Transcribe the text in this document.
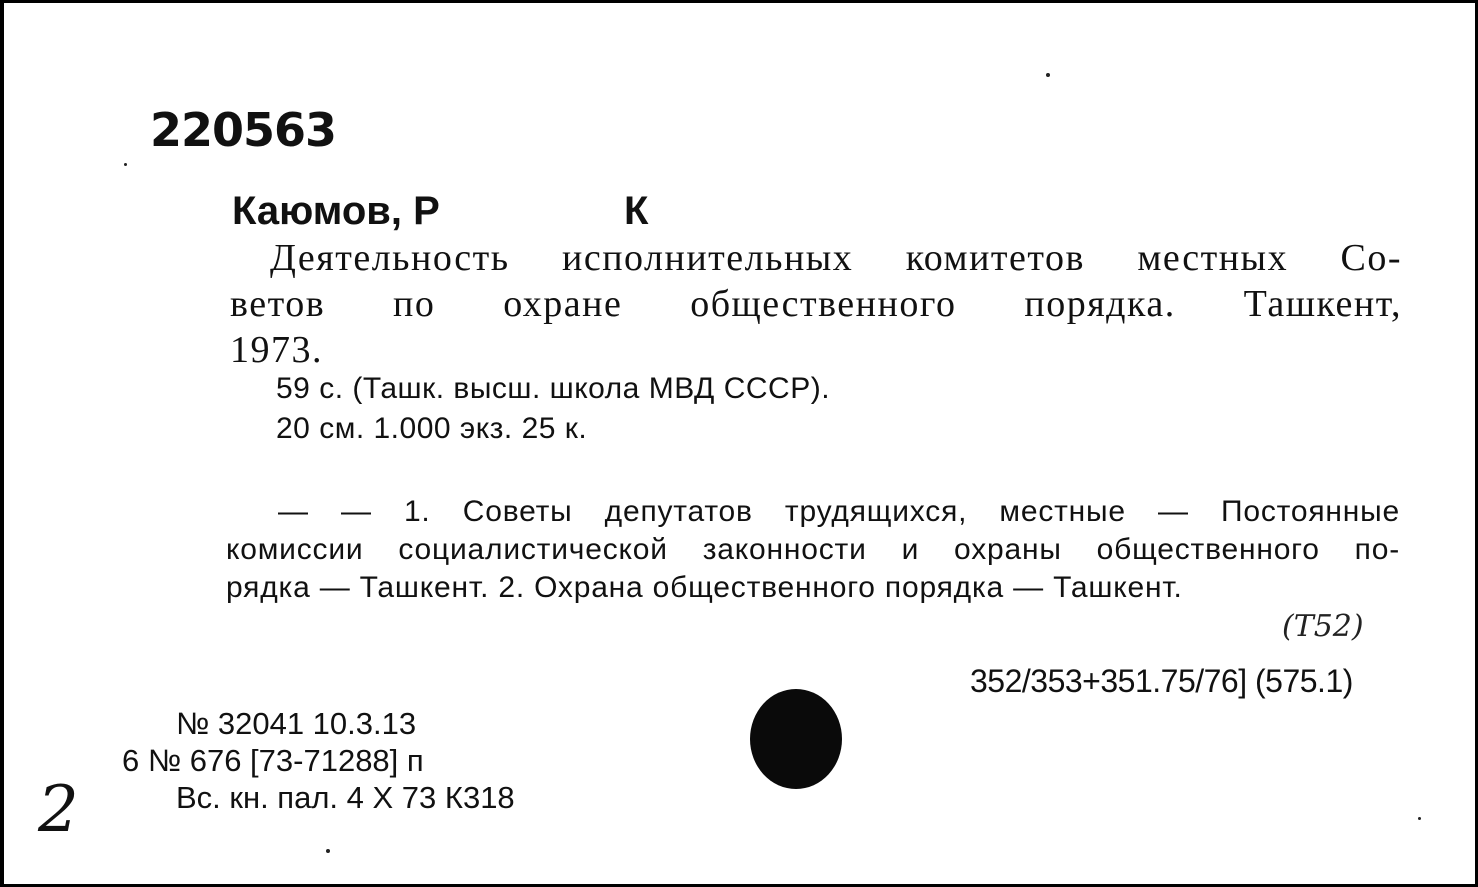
220563
Каюмов, Р	К
Деятельность исполнительных комитетов местных Со-
ветов по охране общественного порядка. Ташкент,
1973.
59 с. (Ташк. высш. школа МВД СССР).
20 см. 1.000 экз. 25 к.
— — 1. Советы депутатов трудящихся, местные — Постоянные
комиссии социалистической законности и охраны общественного по-
рядка — Ташкент. 2. Охрана общественного порядка — Ташкент.
(Т52)
352/353+351.75/76] (575.1)
№ 32041 10.3.13
6 № 676 [73-71288] п
Вс. кн. пал. 4 X 73 К318
2
